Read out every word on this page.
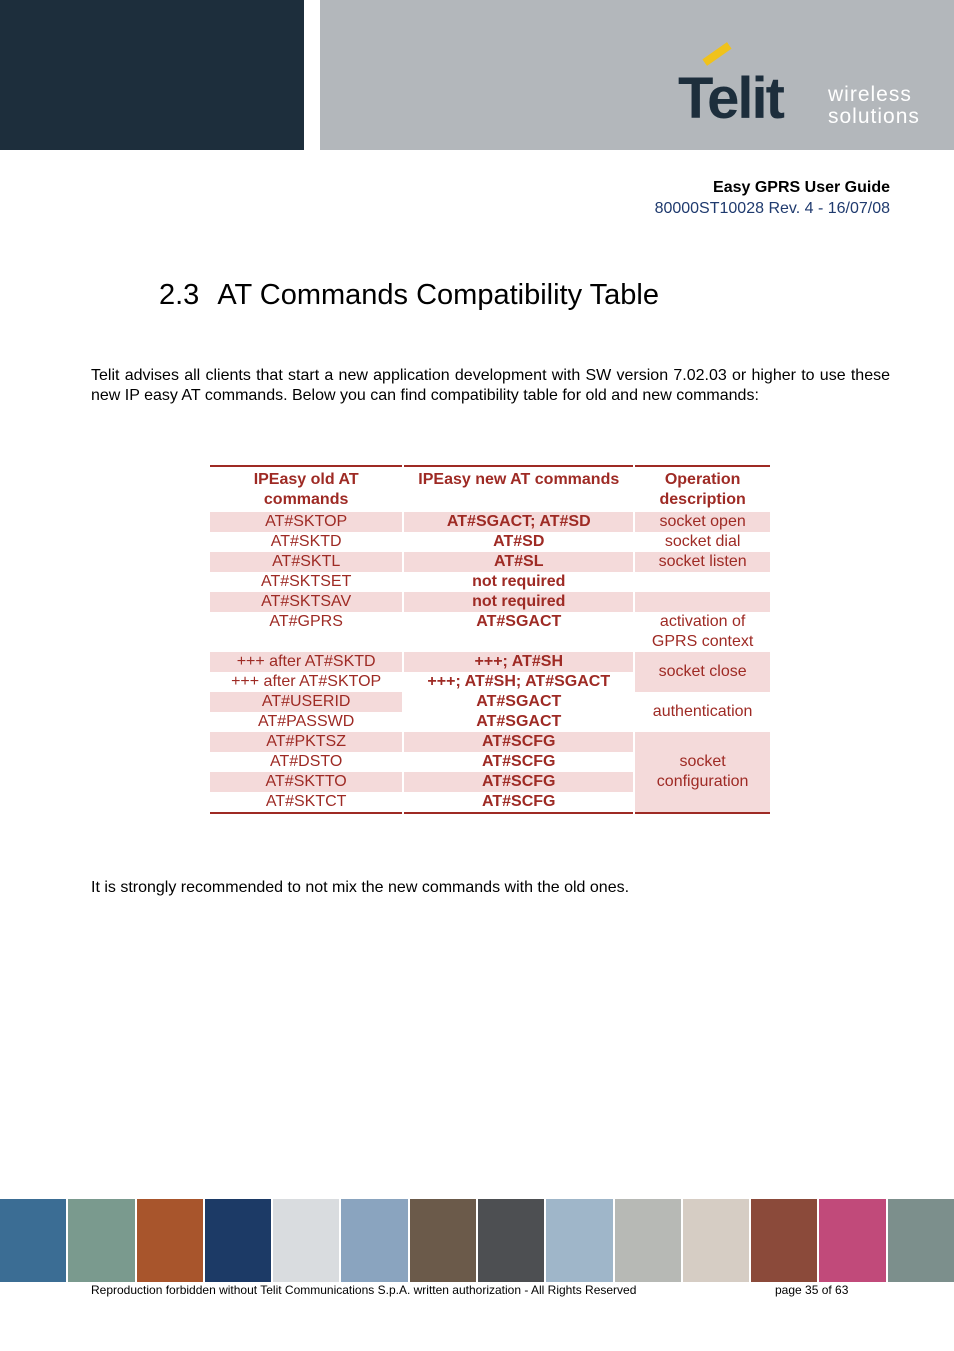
Telit wireless
solutions
Easy GPRS User Guide
80000ST10028 Rev. 4 - 16/07/08
2.3 AT Commands Compatibility Table

Telit advises all clients that start a new application development with SW version 7.02.03 or higher to use these new IP easy AT commands. Below you can find compatibility table for old and new commands:

IPEasy old AT commands		IPEasy new AT commands		Operation description
AT#SKTOP		AT#SGACT; AT#SD		socket open
AT#SKTD		AT#SD		socket dial
AT#SKTL		AT#SL		socket listen
AT#SKTSET		not required		
AT#SKTSAV		not required		
AT#GPRS		AT#SGACT		activation of GPRS context
+++ after AT#SKTD		+++; AT#SH		socket close
+++ after AT#SKTOP		+++; AT#SH; AT#SGACT		
AT#USERID		AT#SGACT		authentication
AT#PASSWD		AT#SGACT		
AT#PKTSZ		AT#SCFG		socket configuration
AT#DSTO		AT#SCFG		
AT#SKTTO		AT#SCFG		
AT#SKTCT		AT#SCFG		

It is strongly recommended to not mix the new commands with the old ones.

Reproduction forbidden without Telit Communications S.p.A. written authorization - All Rights Reserved	page 35 of 63
